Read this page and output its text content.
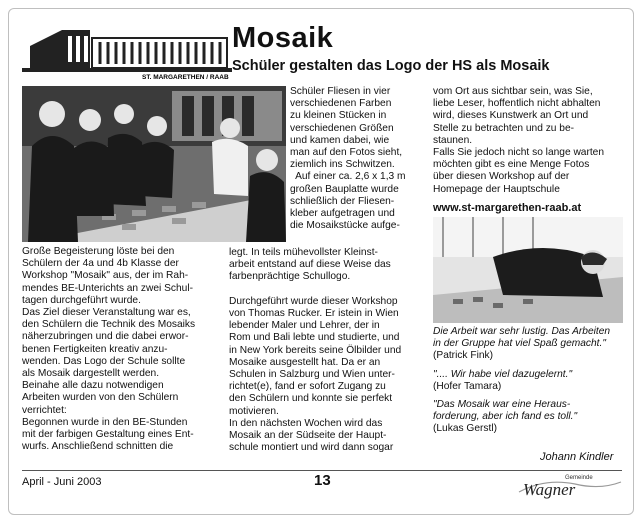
ST. MARGARETHEN / RAAB
Mosaik
Schüler gestalten das Logo der HS als Mosaik
Große Begeisterung löste bei den
Schülern der 4a und 4b Klasse der
Workshop "Mosaik" aus, der im Rah-
mendes BE-Unterichts an zwei Schul-
tagen durchgeführt wurde.
Das Ziel dieser Veranstaltung war es,
den Schülern die Technik des Mosaiks
näherzubringen und die dabei erwor-
benen Fertigkeiten kreativ anzu-
wenden. Das Logo der Schule sollte
als Mosaik dargestellt werden.
Beinahe alle dazu notwendigen
Arbeiten wurden von den Schülern
verrichtet:
Begonnen wurde in den BE-Stunden
mit der farbigen Gestaltung eines Ent-
wurfs. Anschließend schnitten die
Schüler Fliesen in vier
verschiedenen Farben
zu kleinen Stücken in
verschiedenen Größen
und kamen dabei, wie
man auf den Fotos sieht,
ziemlich ins Schwitzen.
Auf einer ca. 2,6 x 1,3 m
großen Bauplatte wurde
schließlich der Fliesen-
kleber aufgetragen und
die Mosaikstücke aufge-
legt. In teils mühevollster Kleinst-
arbeit entstand auf diese Weise das
farbenprächtige Schullogo.

Durchgeführt wurde dieser Workshop
von Thomas Rucker. Er istein in Wien
lebender Maler und Lehrer, der in
Rom und Bali lebte und studierte, und
in New York bereits seine Ölbilder und
Mosaike ausgestellt hat. Da er an
Schulen in Salzburg und Wien unter-
richtet(e), fand er sofort Zugang zu
den Schülern und konnte sie perfekt
motivieren.
In den nächsten Wochen wird das
Mosaik an der Südseite der Haupt-
schule montiert und wird dann sogar
vom Ort aus sichtbar sein, was Sie,
liebe Leser, hoffentlich nicht abhalten
wird, dieses Kunstwerk an Ort und
Stelle zu betrachten und zu be-
staunen.
Falls Sie jedoch nicht so lange warten
möchten gibt es eine Menge Fotos
über diesen Workshop auf der
Homepage der Hauptschule
www.st-margarethen-raab.at
Die Arbeit war sehr lustig. Das Arbeiten
in der Gruppe hat viel Spaß gemacht."
(Patrick Fink)
".... Wir habe viel dazugelernt."
(Hofer Tamara)
"Das Mosaik war eine Heraus-
forderung, aber ich fand es toll."
(Lukas Gerstl)
Johann Kindler
April - Juni 2003	13	Gemeinde
Wagner
